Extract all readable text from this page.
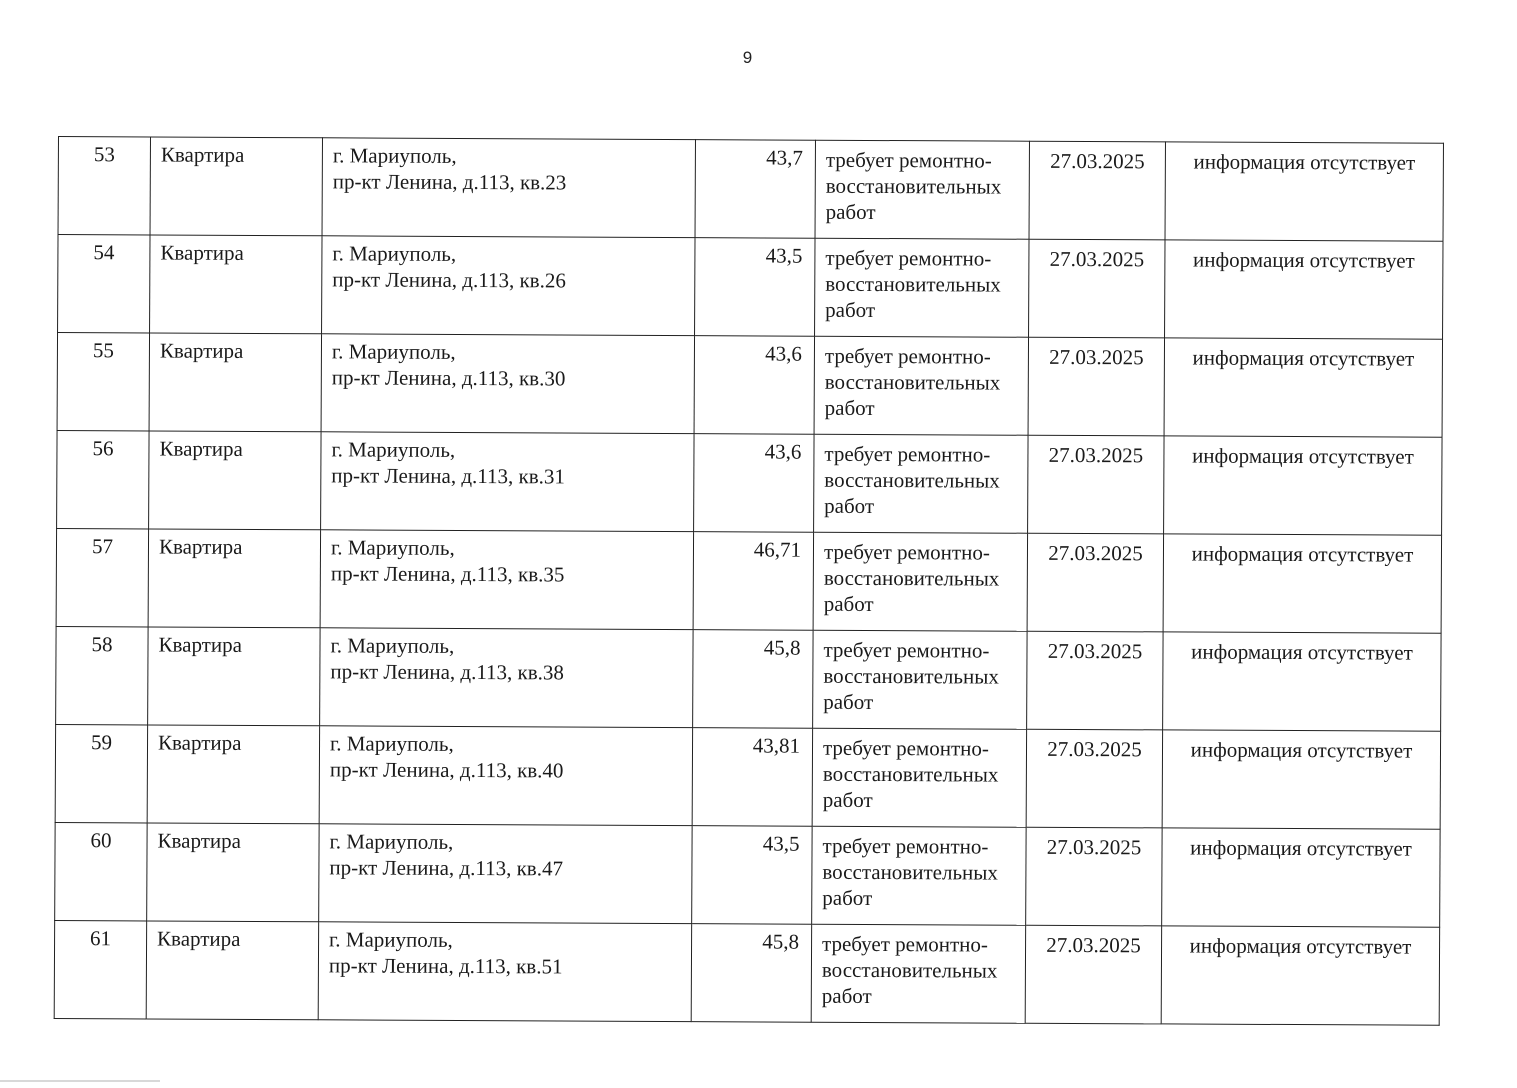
9
53	Квартира	г. Мариуполь,
пр-кт Ленина, д.113, кв.23	43,7	требует ремонтно-
восстановительных
работ	27.03.2025	информация отсутствует
54	Квартира	г. Мариуполь,
пр-кт Ленина, д.113, кв.26	43,5	требует ремонтно-
восстановительных
работ	27.03.2025	информация отсутствует
55	Квартира	г. Мариуполь,
пр-кт Ленина, д.113, кв.30	43,6	требует ремонтно-
восстановительных
работ	27.03.2025	информация отсутствует
56	Квартира	г. Мариуполь,
пр-кт Ленина, д.113, кв.31	43,6	требует ремонтно-
восстановительных
работ	27.03.2025	информация отсутствует
57	Квартира	г. Мариуполь,
пр-кт Ленина, д.113, кв.35	46,71	требует ремонтно-
восстановительных
работ	27.03.2025	информация отсутствует
58	Квартира	г. Мариуполь,
пр-кт Ленина, д.113, кв.38	45,8	требует ремонтно-
восстановительных
работ	27.03.2025	информация отсутствует
59	Квартира	г. Мариуполь,
пр-кт Ленина, д.113, кв.40	43,81	требует ремонтно-
восстановительных
работ	27.03.2025	информация отсутствует
60	Квартира	г. Мариуполь,
пр-кт Ленина, д.113, кв.47	43,5	требует ремонтно-
восстановительных
работ	27.03.2025	информация отсутствует
61	Квартира	г. Мариуполь,
пр-кт Ленина, д.113, кв.51	45,8	требует ремонтно-
восстановительных
работ	27.03.2025	информация отсутствует
